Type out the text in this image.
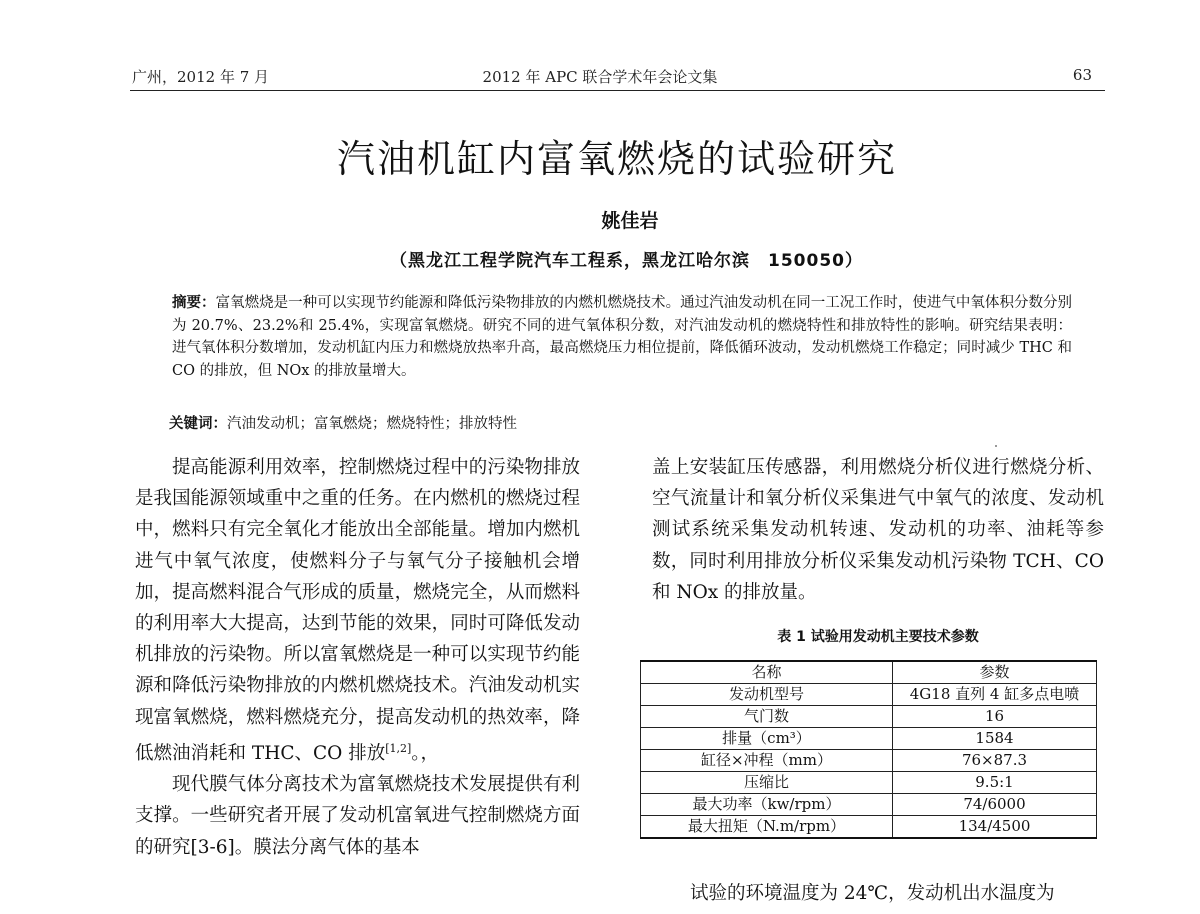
广州，2012 年 7 月	2012 年 APC 联合学术年会论文集	63
汽油机缸内富氧燃烧的试验研究
姚佳岩
（黑龙江工程学院汽车工程系，黑龙江哈尔滨　150050）
摘要：富氧燃烧是一种可以实现节约能源和降低污染物排放的内燃机燃烧技术。通过汽油发动机在同一工况工作时，使进气中氧体积分数分别为 20.7%、23.2%和 25.4%，实现富氧燃烧。研究不同的进气氧体积分数，对汽油发动机的燃烧特性和排放特性的影响。研究结果表明：进气氧体积分数增加，发动机缸内压力和燃烧放热率升高，最高燃烧压力相位提前，降低循环波动，发动机燃烧工作稳定；同时减少 THC 和 CO 的排放，但 NOx 的排放量增大。
关键词：汽油发动机；富氧燃烧；燃烧特性；排放特性

提高能源利用效率，控制燃烧过程中的污染物排放是我国能源领域重中之重的任务。在内燃机的燃烧过程中，燃料只有完全氧化才能放出全部能量。增加内燃机进气中氧气浓度，使燃料分子与氧气分子接触机会增加，提高燃料混合气形成的质量，燃烧完全，从而燃料的利用率大大提高，达到节能的效果，同时可降低发动机排放的污染物。所以富氧燃烧是一种可以实现节约能源和降低污染物排放的内燃机燃烧技术。汽油发动机实现富氧燃烧，燃料燃烧充分，提高发动机的热效率，降低燃油消耗和 THC、CO 排放[1,2]。，

现代膜气体分离技术为富氧燃烧技术发展提供有利支撑。一些研究者开展了发动机富氧进气控制燃烧方面的研究[3-6]。膜法分离气体的基本

盖上安装缸压传感器，利用燃烧分析仪进行燃烧分析、空气流量计和氧分析仪采集进气中氧气的浓度、发动机测试系统采集发动机转速、发动机的功率、油耗等参数，同时利用排放分析仪采集发动机污染物 TCH、CO 和 NOx 的排放量。

表 1 试验用发动机主要技术参数
名称	参数
发动机型号	4G18 直列 4 缸多点电喷
气门数	16
排量（cm³）	1584
缸径×冲程（mm）	76×87.3
压缩比	9.5:1
最大功率（kw/rpm）	74/6000
最大扭矩（N.m/rpm）	134/4500
试验的环境温度为 24℃，发动机出水温度为
